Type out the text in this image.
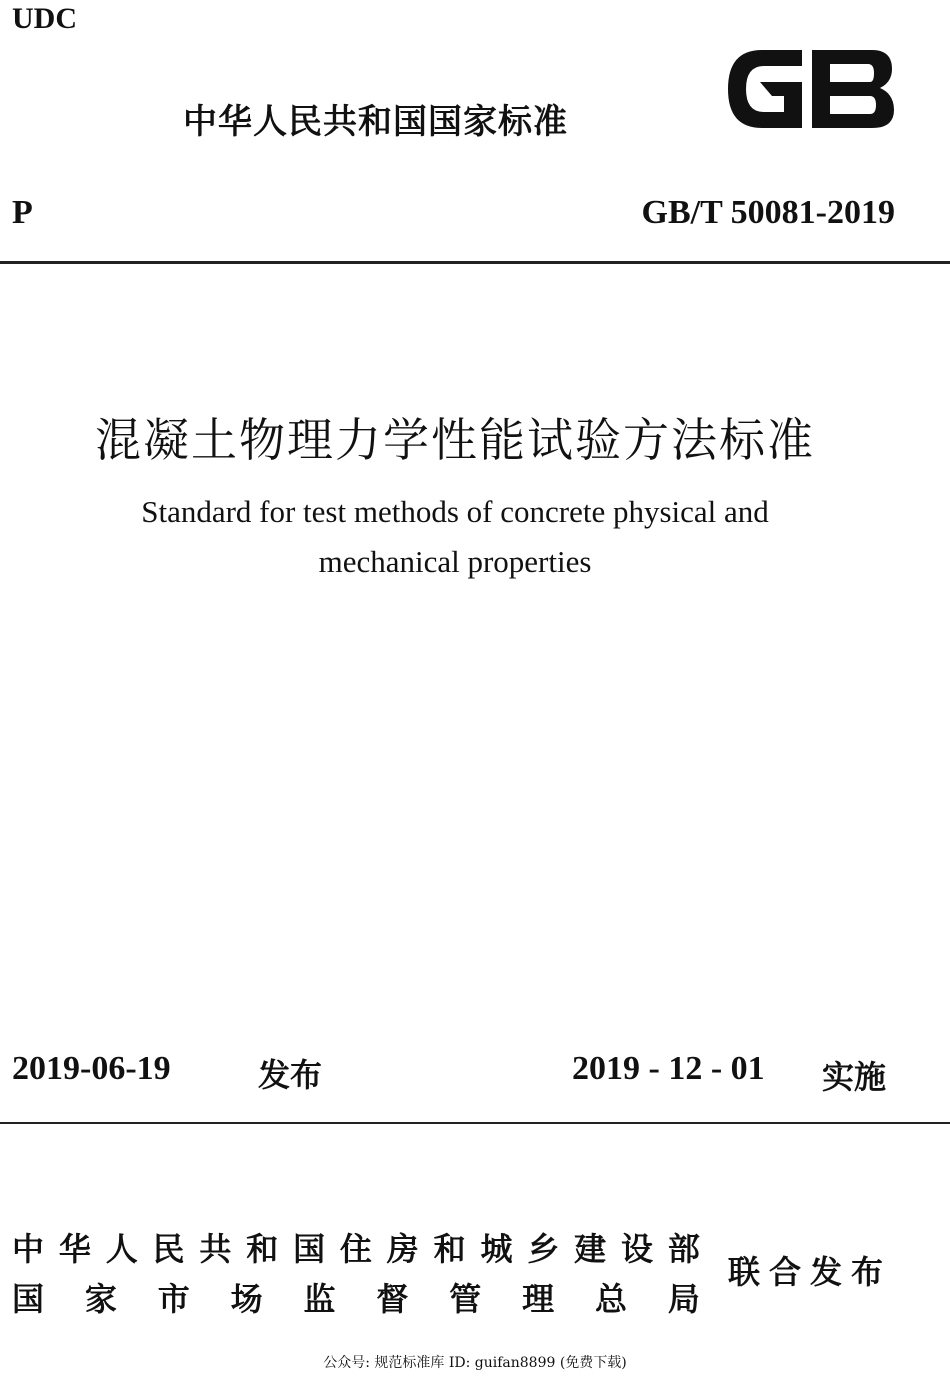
UDC
中华人民共和国国家标准
P	GB/T 50081-2019
混凝土物理力学性能试验方法标准
Standard for test methods of concrete physical and
mechanical properties
2019-06-19	发布	2019 - 12 - 01 实施
中 华 人 民 共 和 国 住 房 和 城 乡 建 设 部
国 家 市 场 监 督 管 理 总 局
联合发布
公众号: 规范标准库 ID: guifan8899 (免费下载)
